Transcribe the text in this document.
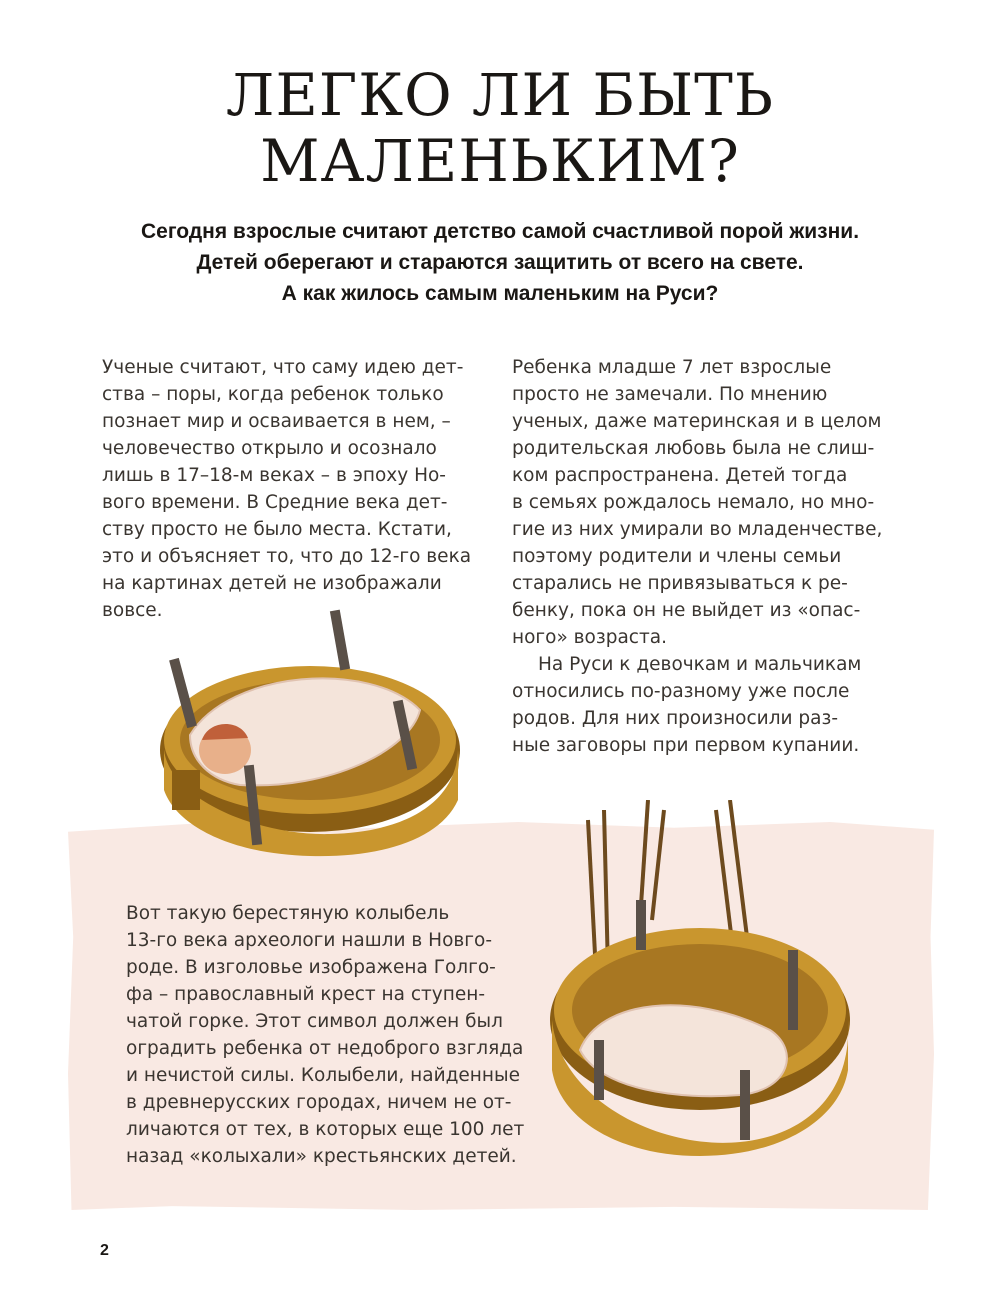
ЛЕГКО ЛИ БЫТЬ
МАЛЕНЬКИМ?
Сегодня взрослые считают детство самой счастливой порой жизни.
Детей оберегают и стараются защитить от всего на свете.
А как жилось самым маленьким на Руси?
Ученые считают, что саму идею дет-
ства – поры, когда ребенок только
познает мир и осваивается в нем, –
человечество открыло и осознало
лишь в 17–18-м веках – в эпоху Но-
вого времени. В Средние века дет-
ству просто не было места. Кстати,
это и объясняет то, что до 12-го века
на картинах детей не изображали
вовсе.
Ребенка младше 7 лет взрослые
просто не замечали. По мнению
ученых, даже материнская и в целом
родительская любовь была не слиш-
ком распространена. Детей тогда
в семьях рождалось немало, но мно-
гие из них умирали во младенчестве,
поэтому родители и члены семьи
старались не привязываться к ре-
бенку, пока он не выйдет из «опас-
ного» возраста.
На Руси к девочкам и мальчикам
относились по-разному уже после
родов. Для них произносили раз-
ные заговоры при первом купании.
Вот такую берестяную колыбель
13-го века археологи нашли в Новго-
роде. В изголовье изображена Голго-
фа – православный крест на ступен-
чатой горке. Этот символ должен был
оградить ребенка от недоброго взгляда
и нечистой силы. Колыбели, найденные
в древнерусских городах, ничем не от-
личаются от тех, в которых еще 100 лет
назад «колыхали» крестьянских детей.
2
